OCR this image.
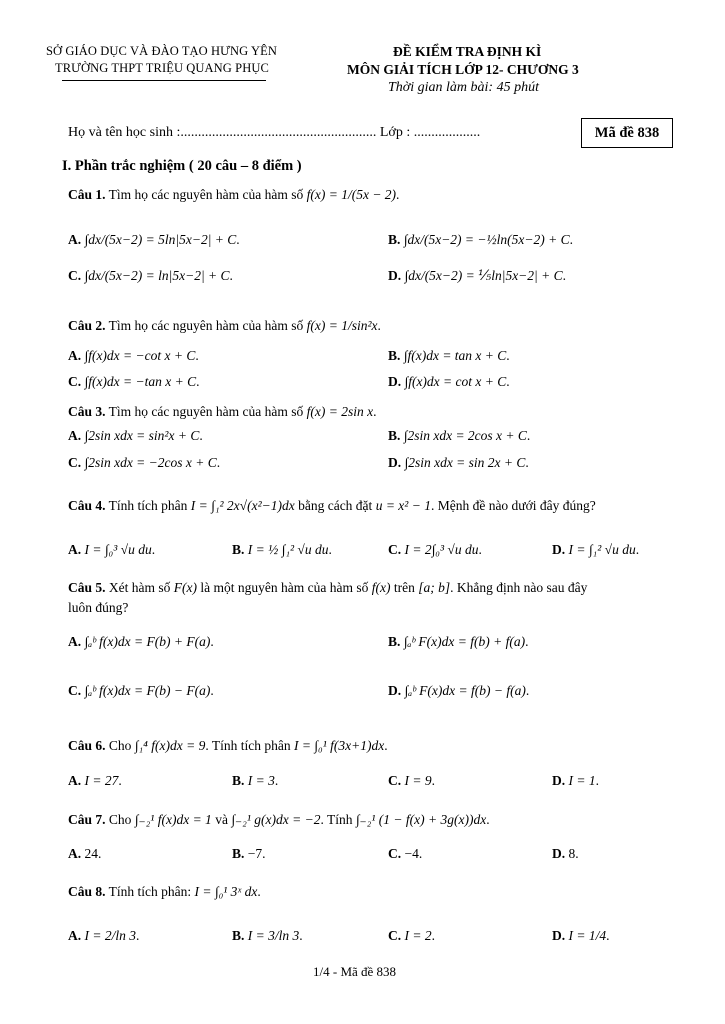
SỞ GIÁO DỤC VÀ ĐÀO TẠO HƯNG YÊN
TRƯỜNG THPT TRIỆU QUANG PHỤC
ĐỀ KIỂM TRA ĐỊNH KÌ
MÔN GIẢI TÍCH LỚP 12- CHƯƠNG 3
Thời gian làm bài: 45 phút
Họ và tên học sinh :........................................................ Lớp : ...................	Mã đề 838
I. Phần trắc nghiệm ( 20 câu – 8 điểm )
Câu 1. Tìm họ các nguyên hàm của hàm số f(x) = 1/(5x − 2).
A. ∫dx/(5x−2) = 5ln|5x−2| + C.	B. ∫dx/(5x−2) = −½ln(5x−2) + C.
C. ∫dx/(5x−2) = ln|5x−2| + C.	D. ∫dx/(5x−2) = ⅕ln|5x−2| + C.
Câu 2. Tìm họ các nguyên hàm của hàm số f(x) = 1/sin²x.
A. ∫f(x)dx = −cot x + C.	B. ∫f(x)dx = tan x + C.
C. ∫f(x)dx = −tan x + C.	D. ∫f(x)dx = cot x + C.
Câu 3. Tìm họ các nguyên hàm của hàm số f(x) = 2sin x.
A. ∫2sin xdx = sin²x + C.	B. ∫2sin xdx = 2cos x + C.
C. ∫2sin xdx = −2cos x + C.	D. ∫2sin xdx = sin 2x + C.
Câu 4. Tính tích phân I = ∫₁² 2x√(x²−1)dx bằng cách đặt u = x² − 1. Mệnh đề nào dưới đây đúng?
A. I = ∫₀³ √u du.	B. I = ½ ∫₁² √u du.	C. I = 2∫₀³ √u du.	D. I = ∫₁² √u du.
Câu 5. Xét hàm số F(x) là một nguyên hàm của hàm số f(x) trên [a; b]. Khẳng định nào sau đây
luôn đúng?
A. ∫ₐᵇ f(x)dx = F(b) + F(a).	B. ∫ₐᵇ F(x)dx = f(b) + f(a).
C. ∫ₐᵇ f(x)dx = F(b) − F(a).	D. ∫ₐᵇ F(x)dx = f(b) − f(a).
Câu 6. Cho ∫₁⁴ f(x)dx = 9. Tính tích phân I = ∫₀¹ f(3x+1)dx.
A. I = 27.	B. I = 3.	C. I = 9.	D. I = 1.
Câu 7. Cho ∫₋₂¹ f(x)dx = 1 và ∫₋₂¹ g(x)dx = −2. Tính ∫₋₂¹ (1 − f(x) + 3g(x))dx.
A. 24.	B. −7.	C. −4.	D. 8.
Câu 8. Tính tích phân: I = ∫₀¹ 3ˣ dx.
A. I = 2/ln 3.	B. I = 3/ln 3.	C. I = 2.	D. I = 1/4.
1/4 - Mã đề 838
